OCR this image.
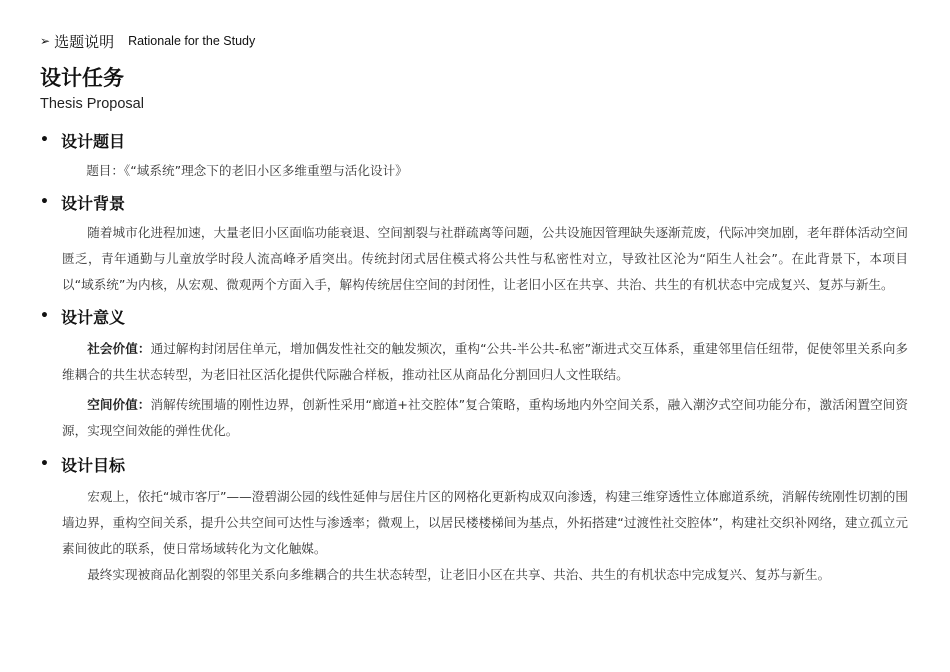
➢ 选题说明 Rationale for the Study
设计任务
Thesis Proposal
• 设计题目
题目：《“域系统”理念下的老旧小区多维重塑与活化设计》
• 设计背景
随着城市化进程加速，大量老旧小区面临功能衰退、空间割裂与社群疏离等问题，公共设施因管理缺失逐渐荒废，代际冲突加剧，老年群体活动空间匮乏，青年通勤与儿童放学时段人流高峰矛盾突出。传统封闭式居住模式将公共性与私密性对立，导致社区沦为“陌生人社会”。在此背景下，本项目以“域系统”为内核，从宏观、微观两个方面入手，解构传统居住空间的封闭性，让老旧小区在共享、共治、共生的有机状态中完成复兴、复苏与新生。
• 设计意义
社会价值：通过解构封闭居住单元，增加偶发性社交的触发频次，重构“公共-半公共-私密”渐进式交互体系，重建邻里信任纽带，促使邻里关系向多维耦合的共生状态转型，为老旧社区活化提供代际融合样板，推动社区从商品化分割回归人文性联结。
空间价值：消解传统围墙的刚性边界，创新性采用“廊道+社交腔体”复合策略，重构场地内外空间关系，融入潮汐式空间功能分布，激活闲置空间资源，实现空间效能的弹性优化。
• 设计目标
宏观上，依托“城市客厅”——澄碧湖公园的线性延伸与居住片区的网格化更新构成双向渗透，构建三维穿透性立体廊道系统，消解传统刚性切割的围墙边界，重构空间关系，提升公共空间可达性与渗透率；微观上，以居民楼楼梯间为基点，外拓搭建“过渡性社交腔体”，构建社交织补网络，建立孤立元素间彼此的联系，使日常场域转化为文化触媒。
最终实现被商品化割裂的邻里关系向多维耦合的共生状态转型，让老旧小区在共享、共治、共生的有机状态中完成复兴、复苏与新生。
